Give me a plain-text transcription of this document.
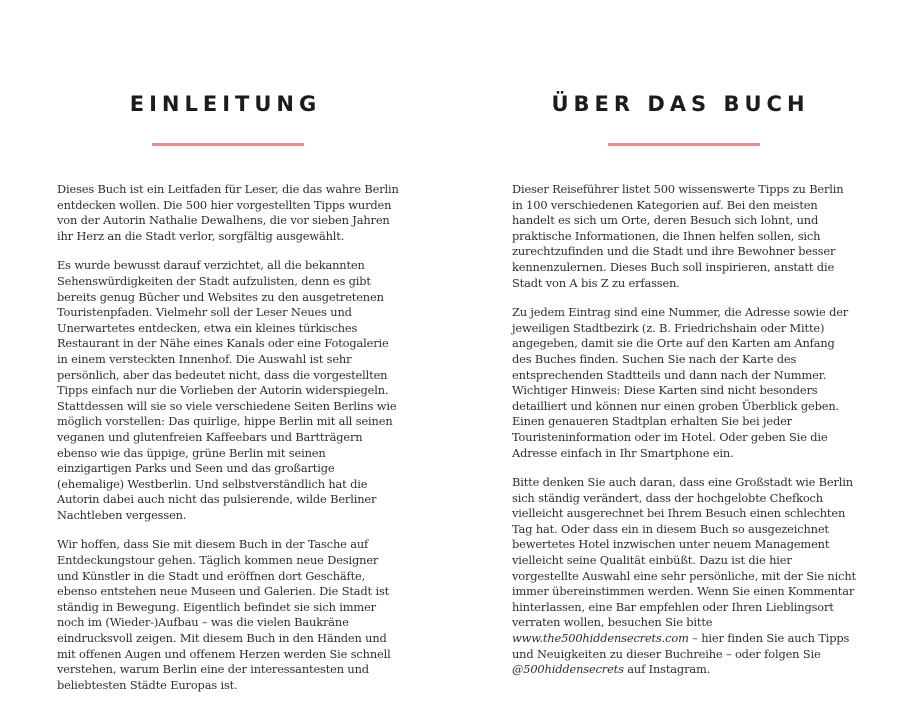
EINLEITUNG

Dieses Buch ist ein Leitfaden für Leser, die das wahre Berlin entdecken wollen. Die 500 hier vorgestellten Tipps wurden von der Autorin Nathalie Dewalhens, die vor sieben Jahren ihr Herz an die Stadt verlor, sorgfältig ausgewählt.

Es wurde bewusst darauf verzichtet, all die bekannten Sehenswürdigkeiten der Stadt aufzulisten, denn es gibt bereits genug Bücher und Websites zu den ausgetretenen Touristenpfaden. Vielmehr soll der Leser Neues und Unerwartetes entdecken, etwa ein kleines türkisches Restaurant in der Nähe eines Kanals oder eine Fotogalerie in einem versteckten Innenhof. Die Auswahl ist sehr persönlich, aber das bedeutet nicht, dass die vorgestellten Tipps einfach nur die Vorlieben der Autorin widerspiegeln. Stattdessen will sie so viele verschiedene Seiten Berlins wie möglich vorstellen: Das quirlige, hippe Berlin mit all seinen veganen und glutenfreien Kaffeebars und Bartträgern ebenso wie das üppige, grüne Berlin mit seinen einzigartigen Parks und Seen und das großartige (ehemalige) Westberlin. Und selbstverständlich hat die Autorin dabei auch nicht das pulsierende, wilde Berliner Nachtleben vergessen.

Wir hoffen, dass Sie mit diesem Buch in der Tasche auf Entdeckungstour gehen. Täglich kommen neue Designer und Künstler in die Stadt und eröffnen dort Geschäfte, ebenso entstehen neue Museen und Galerien. Die Stadt ist ständig in Bewegung. Eigentlich befindet sie sich immer noch im (Wieder-)Aufbau – was die vielen Baukräne eindrucksvoll zeigen. Mit diesem Buch in den Händen und mit offenen Augen und offenem Herzen werden Sie schnell verstehen, warum Berlin eine der interessantesten und beliebtesten Städte Europas ist.

ÜBER DAS BUCH

Dieser Reiseführer listet 500 wissenswerte Tipps zu Berlin in 100 verschiedenen Kategorien auf. Bei den meisten handelt es sich um Orte, deren Besuch sich lohnt, und praktische Informationen, die Ihnen helfen sollen, sich zurechtzufinden und die Stadt und ihre Bewohner besser kennenzulernen. Dieses Buch soll inspirieren, anstatt die Stadt von A bis Z zu erfassen.

Zu jedem Eintrag sind eine Nummer, die Adresse sowie der jeweiligen Stadtbezirk (z. B. Friedrichshain oder Mitte) angegeben, damit sie die Orte auf den Karten am Anfang des Buches finden. Suchen Sie nach der Karte des entsprechenden Stadtteils und dann nach der Nummer. Wichtiger Hinweis: Diese Karten sind nicht besonders detailliert und können nur einen groben Überblick geben. Einen genaueren Stadtplan erhalten Sie bei jeder Touristeninformation oder im Hotel. Oder geben Sie die Adresse einfach in Ihr Smartphone ein.

Bitte denken Sie auch daran, dass eine Großstadt wie Berlin sich ständig verändert, dass der hochgelobte Chefkoch vielleicht ausgerechnet bei Ihrem Besuch einen schlechten Tag hat. Oder dass ein in diesem Buch so ausgezeichnet bewertetes Hotel inzwischen unter neuem Management vielleicht seine Qualität einbüßt. Dazu ist die hier vorgestellte Auswahl eine sehr persönliche, mit der Sie nicht immer übereinstimmen werden. Wenn Sie einen Kommentar hinterlassen, eine Bar empfehlen oder Ihren Lieblingsort verraten wollen, besuchen Sie bitte www.the500hiddensecrets.com – hier finden Sie auch Tipps und Neuigkeiten zu dieser Buchreihe – oder folgen Sie @500hiddensecrets auf Instagram.
